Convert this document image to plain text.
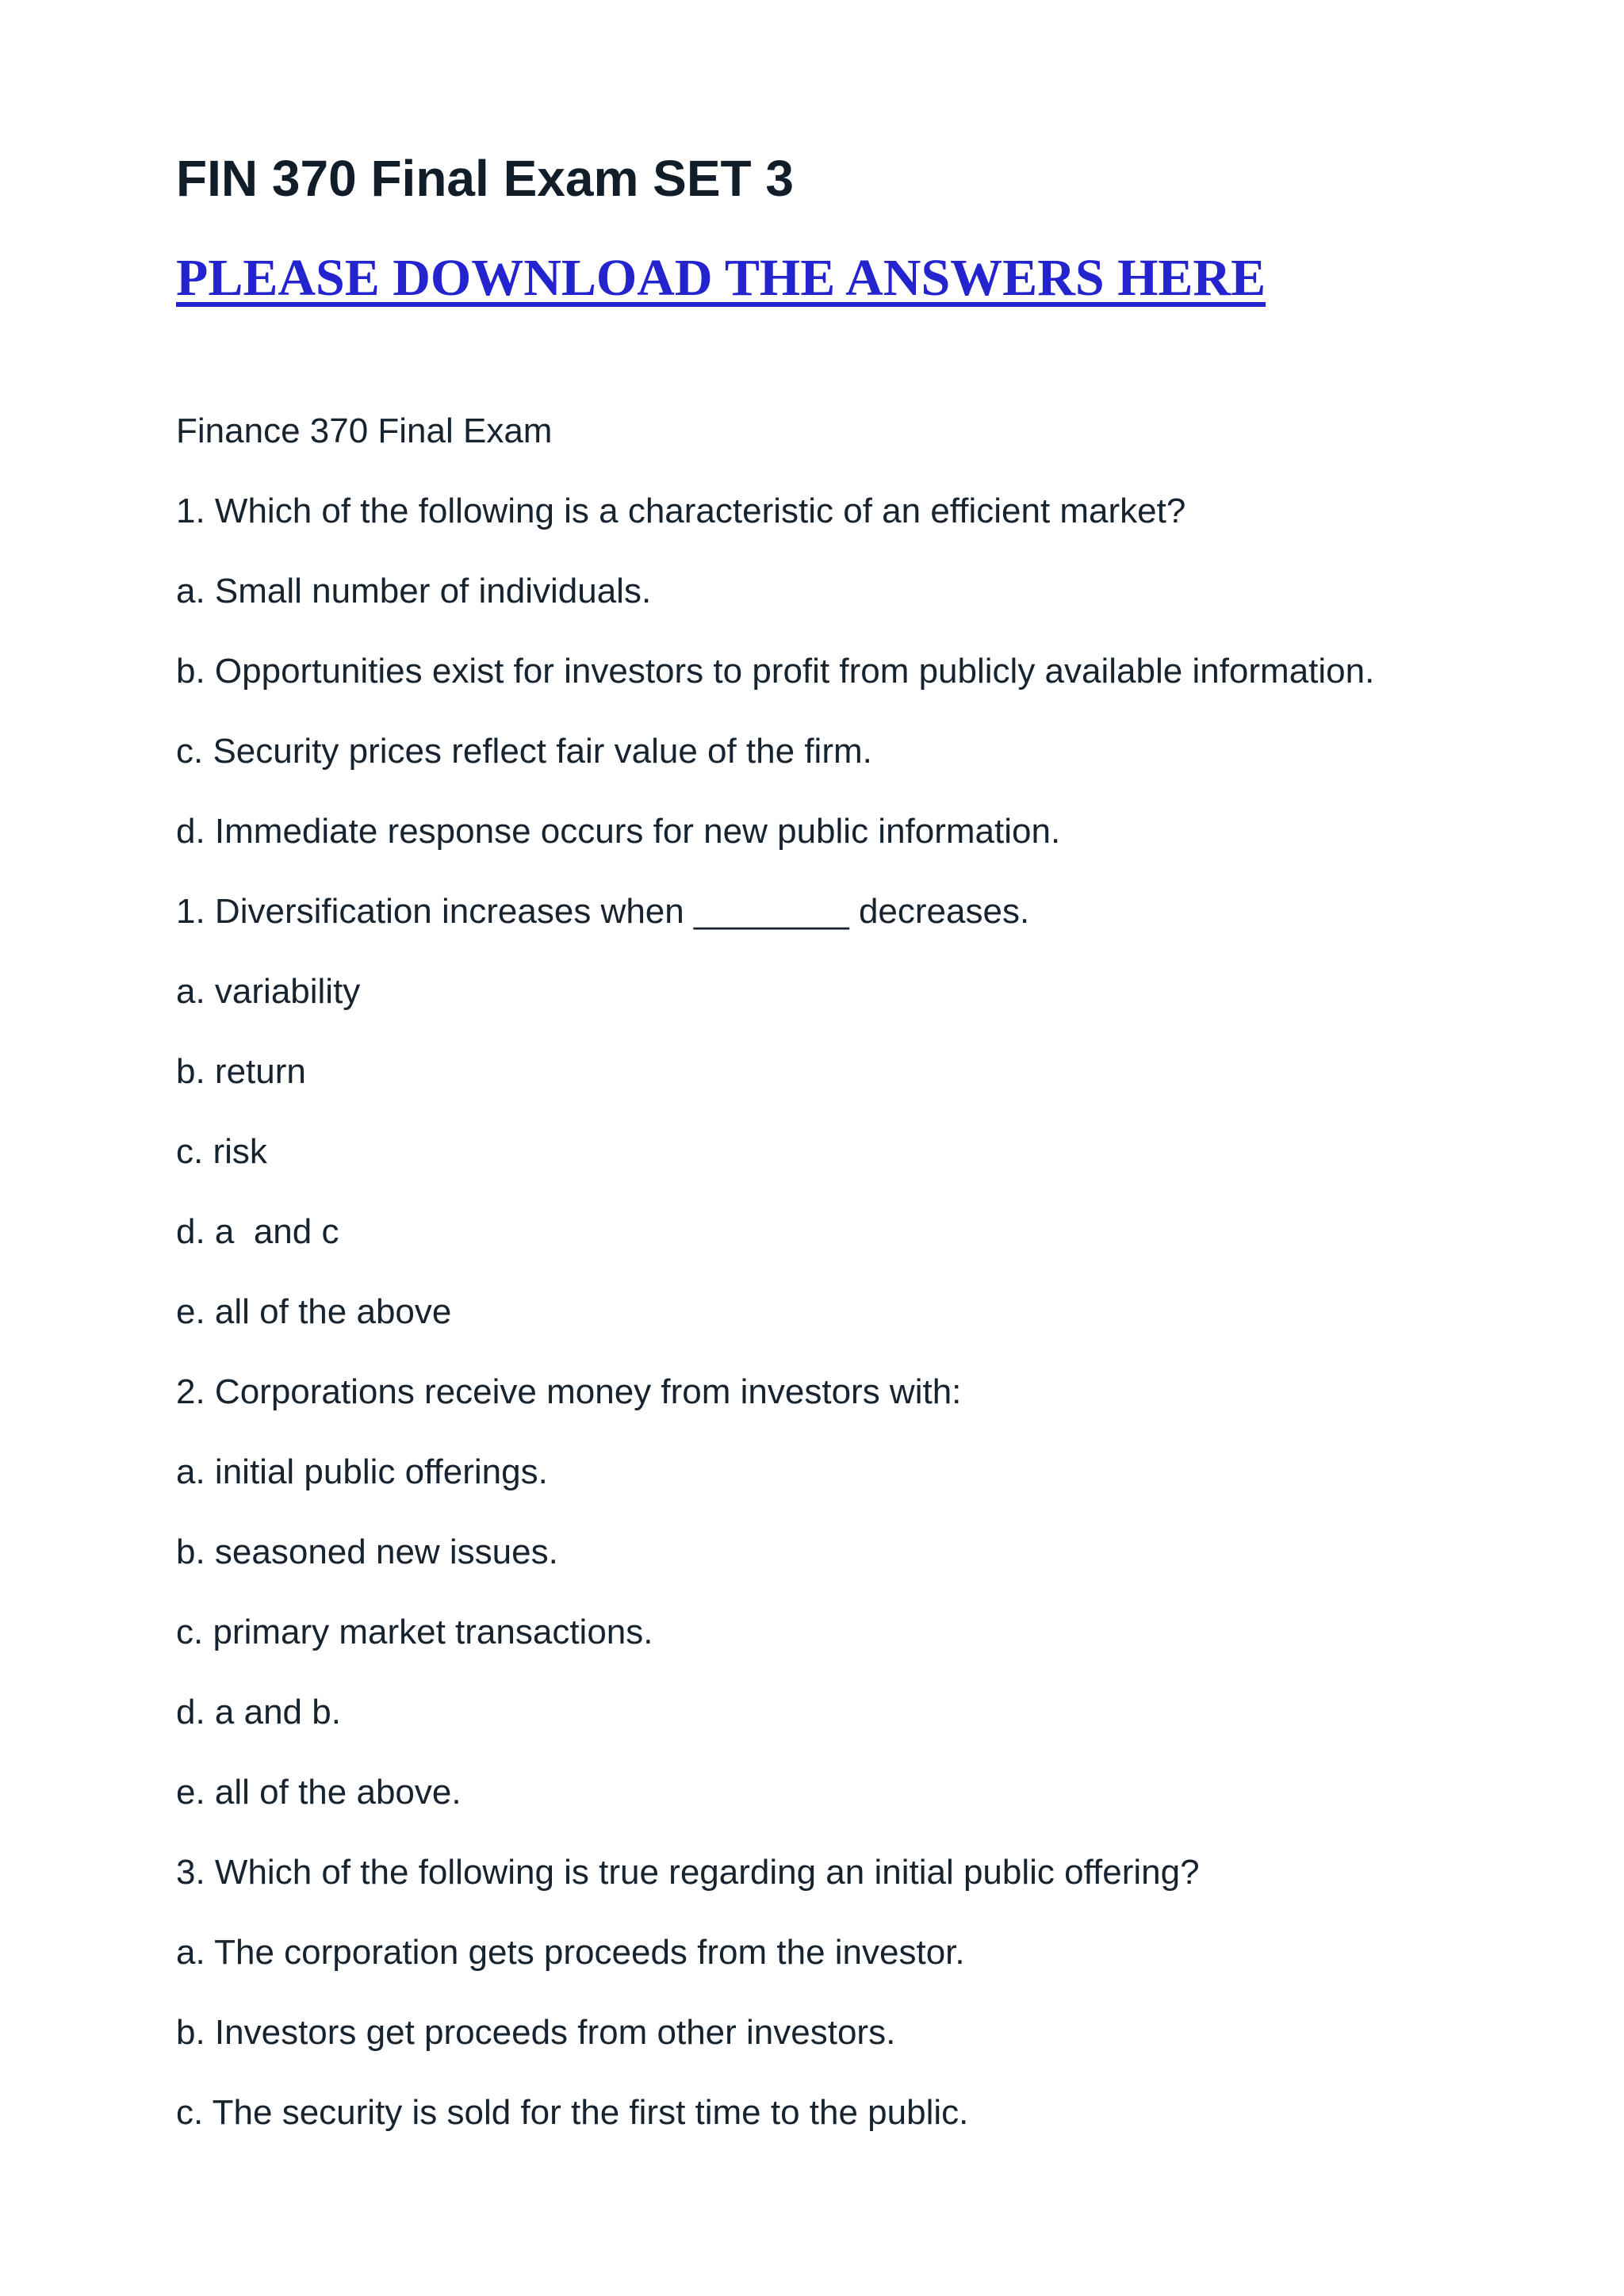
FIN 370 Final Exam SET 3

PLEASE DOWNLOAD THE ANSWERS HERE

Finance 370 Final Exam

1. Which of the following is a characteristic of an efficient market?

a. Small number of individuals.

b. Opportunities exist for investors to profit from publicly available information.

c. Security prices reflect fair value of the firm.

d. Immediate response occurs for new public information.

1. Diversification increases when ________ decreases.

a. variability

b. return

c. risk

d. a  and c

e. all of the above

2. Corporations receive money from investors with:

a. initial public offerings.

b. seasoned new issues.

c. primary market transactions.

d. a and b.

e. all of the above.

3. Which of the following is true regarding an initial public offering?

a. The corporation gets proceeds from the investor.

b. Investors get proceeds from other investors.

c. The security is sold for the first time to the public.
